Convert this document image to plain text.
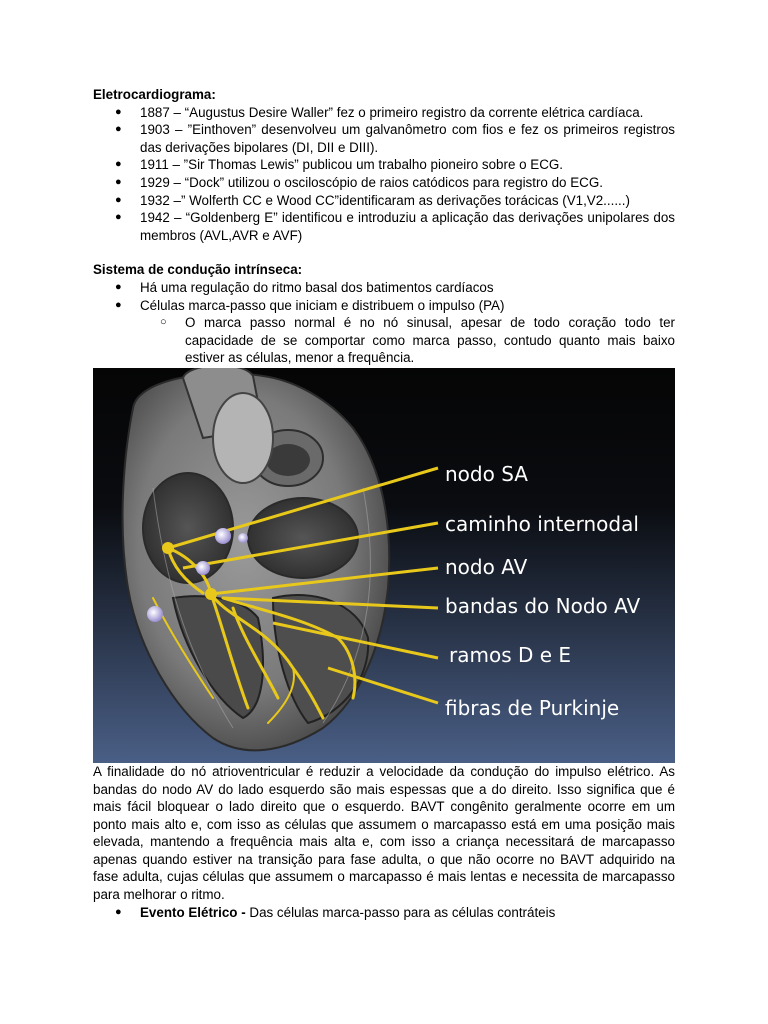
Eletrocardiograma:

● 1887 – “Augustus Desire Waller” fez o primeiro registro da corrente elétrica cardíaca.
● 1903 – ”Einthoven” desenvolveu um galvanômetro com fios e fez os primeiros registros das derivações bipolares (DI, DII e DIII).
● 1911 – ”Sir Thomas Lewis” publicou um trabalho pioneiro sobre o ECG.
● 1929 – “Dock” utilizou o osciloscópio de raios catódicos para registro do ECG.
● 1932 –” Wolferth CC e Wood CC”identificaram as derivações torácicas (V1,V2......)
● 1942 – “Goldenberg E” identificou e introduziu a aplicação das derivações unipolares dos membros (AVL,AVR e AVF)

Sistema de condução intrínseca:

● Há uma regulação do ritmo basal dos batimentos cardíacos
● Células marca-passo que iniciam e distribuem o impulso (PA)
○ O marca passo normal é no nó sinusal, apesar de todo coração todo ter capacidade de se comportar como marca passo, contudo quanto mais baixo estiver as células, menor a frequência.
nodo SA
caminho internodal
nodo AV
bandas do Nodo AV
ramos D e E
fibras de Purkinje

A finalidade do nó atrioventricular é reduzir a velocidade da condução do impulso elétrico. As bandas do nodo AV do lado esquerdo são mais espessas que a do direito. Isso significa que é mais fácil bloquear o lado direito que o esquerdo. BAVT congênito geralmente ocorre em um ponto mais alto e, com isso as células que assumem o marcapasso está em uma posição mais elevada, mantendo a frequência mais alta e, com isso a criança necessitará de marcapasso apenas quando estiver na transição para fase adulta, o que não ocorre no BAVT adquirido na fase adulta, cujas células que assumem o marcapasso é mais lentas e necessita de marcapasso para melhorar o ritmo.

● Evento Elétrico - Das células marca-passo para as células contráteis
